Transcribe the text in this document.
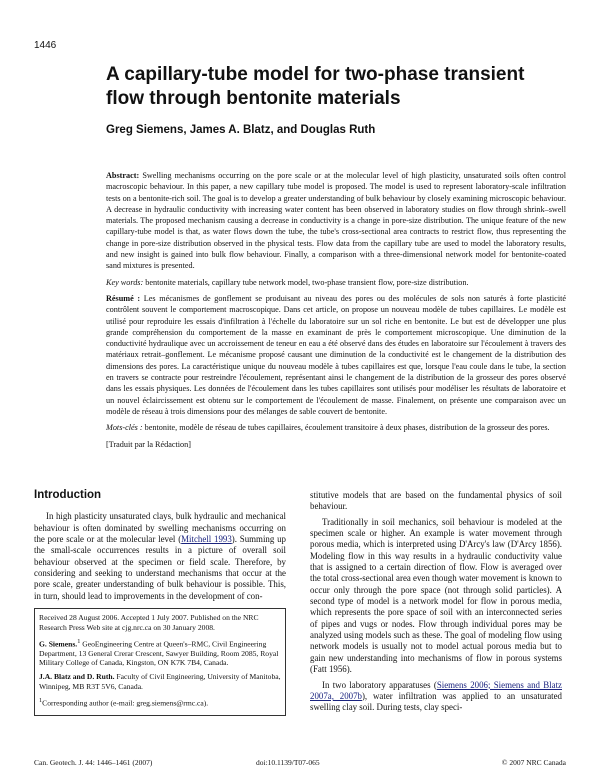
1446
A capillary-tube model for two-phase transient flow through bentonite materials
Greg Siemens, James A. Blatz, and Douglas Ruth

Abstract: Swelling mechanisms occurring on the pore scale or at the molecular level of high plasticity, unsaturated soils often control macroscopic behaviour. In this paper, a new capillary tube model is proposed. The model is used to represent laboratory-scale infiltration tests on a bentonite-rich soil. The goal is to develop a greater understanding of bulk behaviour by closely examining microscopic behaviour. A decrease in hydraulic conductivity with increasing water content has been observed in laboratory studies on flow through shrink–swell materials. The proposed mechanism causing a decrease in conductivity is a change in pore-size distribution. The unique feature of the new capillary-tube model is that, as water flows down the tube, the tube's cross-sectional area contracts to restrict flow, thus representing the change in pore-size distribution observed in the physical tests. Flow data from the capillary tube are used to model the laboratory results, and new insight is gained into bulk flow behaviour. Finally, a comparison with a three-dimensional network model for bentonite-coated sand mixtures is presented.

Key words: bentonite materials, capillary tube network model, two-phase transient flow, pore-size distribution.

Résumé : Les mécanismes de gonflement se produisant au niveau des pores ou des molécules de sols non saturés à forte plasticité contrôlent souvent le comportement macroscopique. Dans cet article, on propose un nouveau modèle de tubes capillaires. Le modèle est utilisé pour reproduire les essais d'infiltration à l'échelle du laboratoire sur un sol riche en bentonite. Le but est de développer une plus grande compréhension du comportement de la masse en examinant de près le comportement microscopique. Une diminution de la conductivité hydraulique avec un accroissement de teneur en eau a été observé dans des études en laboratoire sur l'écoulement à travers des matériaux retrait–gonflement. Le mécanisme proposé causant une diminution de la conductivité est le changement de la distribution des dimensions des pores. La caractéristique unique du nouveau modèle à tubes capillaires est que, lorsque l'eau coule dans le tube, la section en travers se contracte pour restreindre l'écoulement, représentant ainsi le changement de la distribution de la grosseur des pores observé dans les essais physiques. Les données de l'écoulement dans les tubes capillaires sont utilisés pour modéliser les résultats de laboratoire et un nouvel éclaircissement est obtenu sur le comportement de l'écoulement de masse. Finalement, on présente une comparaison avec un modèle de réseau à trois dimensions pour des mélanges de sable couvert de bentonite.

Mots-clés : bentonite, modèle de réseau de tubes capillaires, écoulement transitoire à deux phases, distribution de la grosseur des pores.

[Traduit par la Rédaction]

Introduction

In high plasticity unsaturated clays, bulk hydraulic and mechanical behaviour is often dominated by swelling mechanisms occurring on the pore scale or at the molecular level (Mitchell 1993). Summing up the small-scale occurrences results in a picture of overall soil behaviour observed at the specimen or field scale. Therefore, by considering and seeking to understand mechanisms that occur at the pore scale, greater understanding of bulk behaviour is possible. This, in turn, should lead to improvements in the development of con-

Received 28 August 2006. Accepted 1 July 2007. Published on the NRC Research Press Web site at cjg.nrc.ca on 30 January 2008.

G. Siemens.$^1$ GeoEngineering Centre at Queen's–RMC, Civil Engineering Department, 13 General Crerar Crescent, Sawyer Building, Room 2085, Royal Military College of Canada, Kingston, ON K7K 7B4, Canada.

J.A. Blatz and D. Ruth. Faculty of Civil Engineering, University of Manitoba, Winnipeg, MB R3T 5V6, Canada.

$^1$Corresponding author (e-mail: greg.siemens@rmc.ca).

stitutive models that are based on the fundamental physics of soil behaviour.

Traditionally in soil mechanics, soil behaviour is modeled at the specimen scale or higher. An example is water movement through porous media, which is interpreted using D'Arcy's law (D'Arcy 1856). Modeling flow in this way results in a hydraulic conductivity value that is assigned to a certain direction of flow. Flow is averaged over the total cross-sectional area even though water movement is known to occur only through the pore space (not through solid particles). A second type of model is a network model for flow in porous media, which represents the pore space of soil with an interconnected series of pipes and vugs or nodes. Flow through individual pores may be analyzed using models such as these. The goal of modeling flow using network models is usually not to model actual porous media but to gain new understanding into mechanisms of flow in porous systems (Fatt 1956).

In two laboratory apparatuses (Siemens 2006; Siemens and Blatz 2007a, 2007b), water infiltration was applied to an unsaturated swelling clay soil. During tests, clay speci-

Can. Geotech. J. 44: 1446–1461 (2007)	doi:10.1139/T07-065	© 2007 NRC Canada
